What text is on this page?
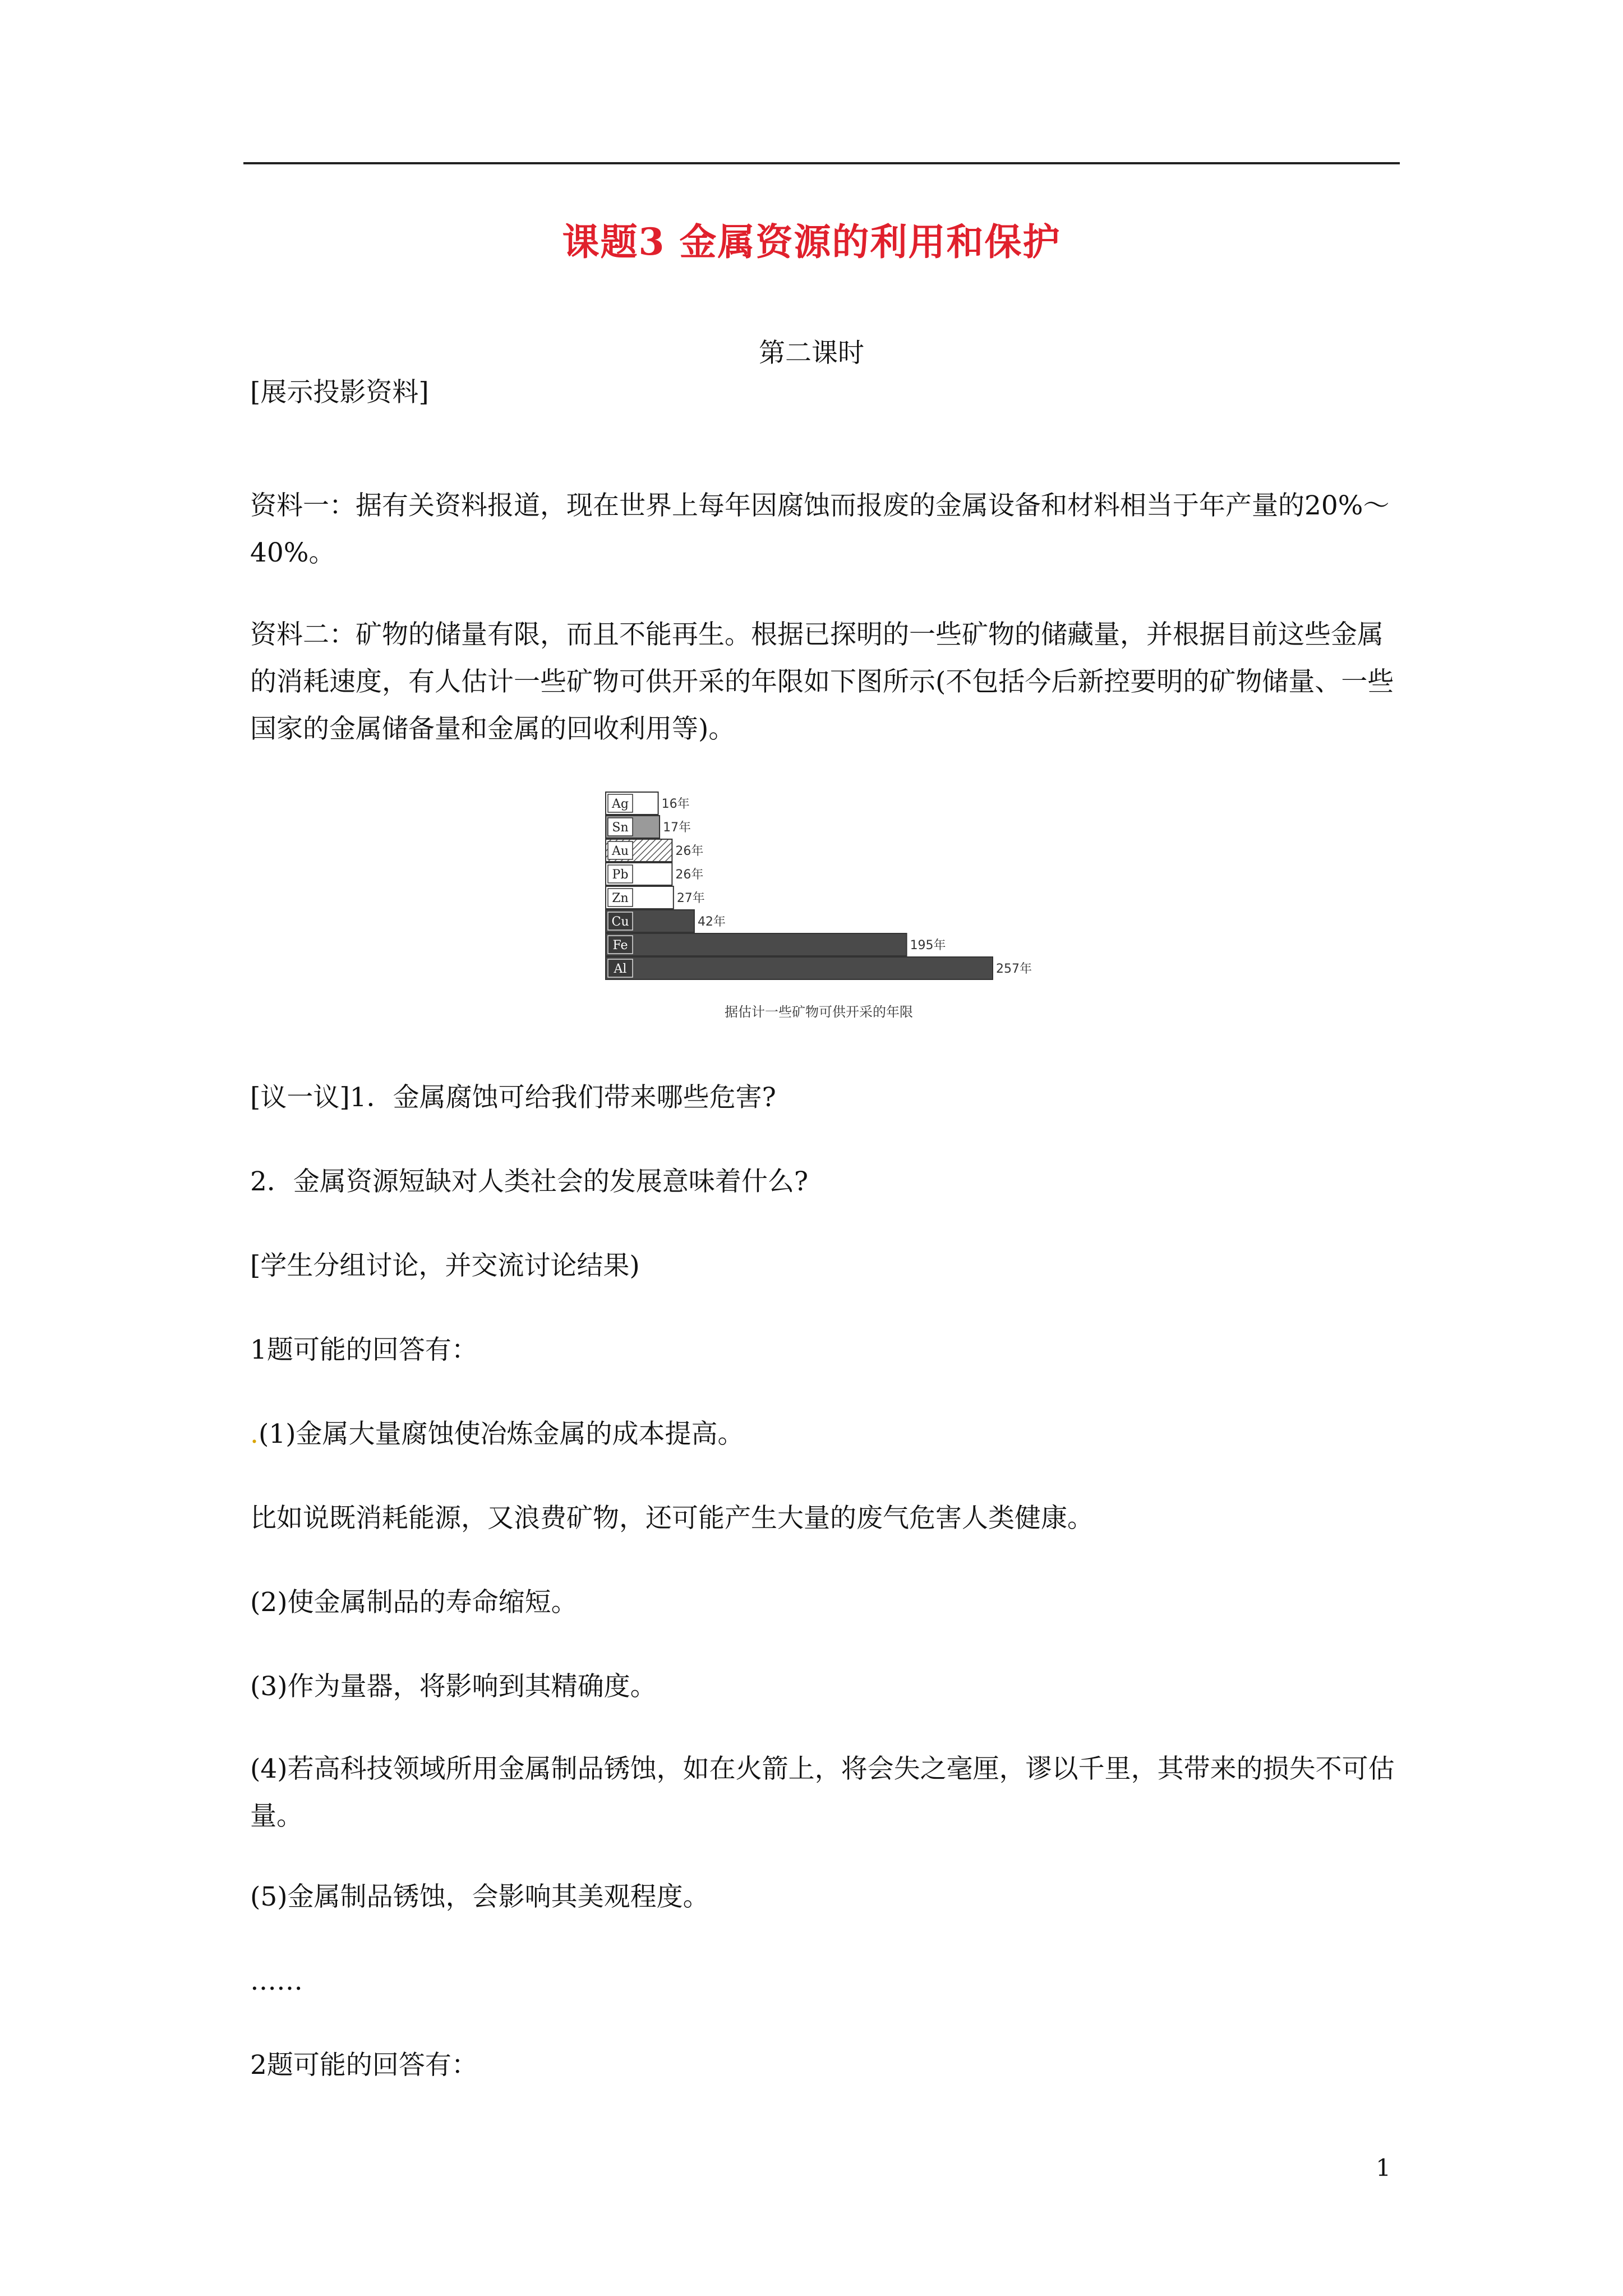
课题3 金属资源的利用和保护
第二课时

[展示投影资料]

资料一：据有关资料报道，现在世界上每年因腐蚀而报废的金属设备和材料相当于年产量的20%～40%。

资料二：矿物的储量有限，而且不能再生。根据已探明的一些矿物的储藏量，并根据目前这些金属的消耗速度，有人估计一些矿物可供开采的年限如下图所示(不包括今后新控要明的矿物储量、一些国家的金属储备量和金属的回收利用等)。

Ag	16年
Sn	17年
Au	26年
Pb	26年
Zn	27年
Cu	42年
Fe	195年
Al	257年
据估计一些矿物可供开采的年限

[议一议]1．金属腐蚀可给我们带来哪些危害?

2．金属资源短缺对人类社会的发展意味着什么?

[学生分组讨论，并交流讨论结果)

1题可能的回答有：

.(1)金属大量腐蚀使冶炼金属的成本提高。

比如说既消耗能源，又浪费矿物，还可能产生大量的废气危害人类健康。

(2)使金属制品的寿命缩短。

(3)作为量器，将影响到其精确度。

(4)若高科技领域所用金属制品锈蚀，如在火箭上，将会失之毫厘，谬以千里，其带来的损失不可估量。

(5)金属制品锈蚀，会影响其美观程度。

……

2题可能的回答有：

1
